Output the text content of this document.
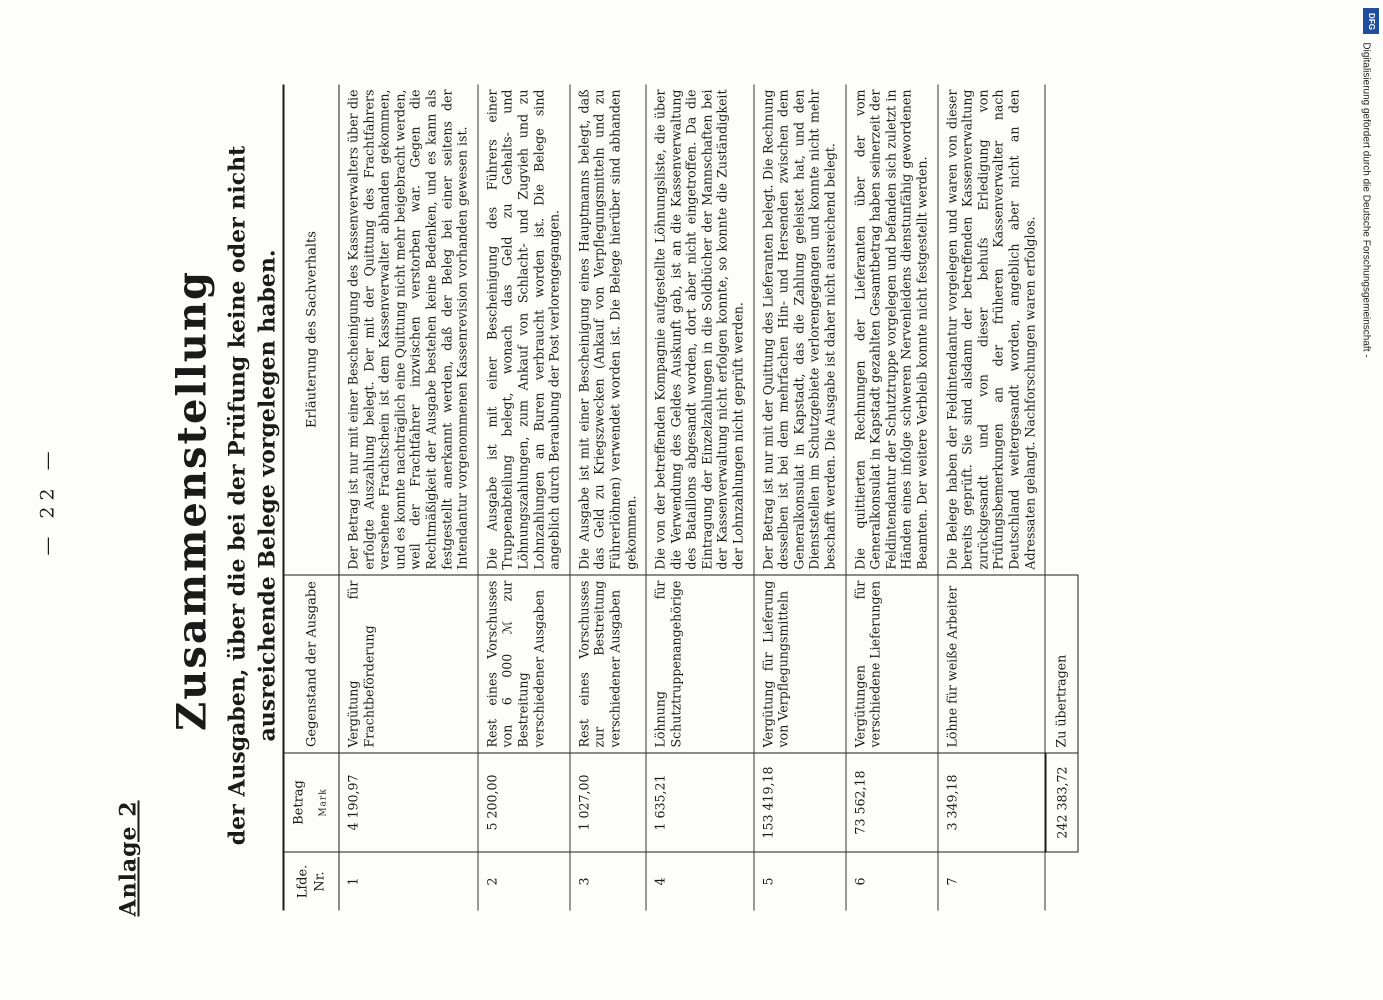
— 22 —
Anlage 2
Zusammenstellung der Ausgaben, über die bei der Prüfung keine oder nicht ausreichende Belege vorgelegen haben.
Lfde. Nr.	Betrag Mark	Gegenstand der Ausgabe	Erläuterung des Sachverhalts
1	4 190,97	Vergütung für Frachtbeförderung	Der Betrag ist nur mit einer Bescheinigung des Kassenverwalters über die erfolgte Auszahlung belegt. Der mit der Quittung des Frachtfahrers versehene Frachtschein ist dem Kassenverwalter abhanden gekommen, und es konnte nachträglich eine Quittung nicht mehr beigebracht werden, weil der Frachtfahrer inzwischen verstorben war. Gegen die Rechtmäßigkeit der Ausgabe bestehen keine Bedenken, und es kann als festgestellt anerkannt werden, daß der Beleg bei einer seitens der Intendantur vorgenommenen Kassenrevision vorhanden gewesen ist.
2	5 200,00	Rest eines Vorschusses von 6 000 ℳ zur Bestreitung verschiedener Ausgaben	Die Ausgabe ist mit einer Bescheinigung des Führers einer Truppenabteilung belegt, wonach das Geld zu Gehalts- und Löhnungszahlungen, zum Ankauf von Schlacht- und Zugvieh und zu Lohnzahlungen an Buren verbraucht worden ist. Die Belege sind angeblich durch Beraubung der Post verlorengegangen.
3	1 027,00	Rest eines Vorschusses zur Bestreitung verschiedener Ausgaben	Die Ausgabe ist mit einer Bescheinigung eines Hauptmanns belegt, daß das Geld zu Kriegszwecken (Ankauf von Verpflegungsmitteln und zu Führerlöhnen) verwendet worden ist. Die Belege hierüber sind abhanden gekommen.
4	1 635,21	Löhnung für Schutztruppenangehörige	Die von der betreffenden Kompagnie aufgestellte Löhnungsliste, die über die Verwendung des Geldes Auskunft gab, ist an die Kassenverwaltung des Bataillons abgesandt worden, dort aber nicht eingetroffen. Da die Eintragung der Einzelzahlungen in die Soldbücher der Mannschaften bei der Kassenverwaltung nicht erfolgen konnte, so konnte die Zuständigkeit der Lohnzahlungen nicht geprüft werden.
5	153 419,18	Vergütung für Lieferung von Verpflegungsmitteln	Der Betrag ist nur mit der Quittung des Lieferanten belegt. Die Rechnung desselben ist bei dem mehrfachen Hin- und Hersenden zwischen dem Generalkonsulat in Kapstadt, das die Zahlung geleistet hat, und den Dienststellen im Schutzgebiete verlorengegangen und konnte nicht mehr beschafft werden. Die Ausgabe ist daher nicht ausreichend belegt.
6	73 562,18	Vergütungen für verschiedene Lieferungen	Die quittierten Rechnungen der Lieferanten über der vom Generalkonsulat in Kapstadt gezahlten Gesamtbetrag haben seinerzeit der Feldintendantur der Schutztruppe vorgelegen und befanden sich zuletzt in Händen eines infolge schweren Nervenleidens dienstunfähig gewordenen Beamten. Der weitere Verbleib konnte nicht festgestellt werden.
7	3 349,18	Löhne für weiße Arbeiter	Die Belege haben der Feldintendantur vorgelegen und waren von dieser bereits geprüft. Sie sind alsdann der betreffenden Kassenverwaltung zurückgesandt und von dieser behufs Erledigung von Prüfungsbemerkungen an der früheren Kassenverwalter nach Deutschland weitergesandt worden, angeblich aber nicht an den Adressaten gelangt. Nachforschungen waren erfolglos.
	242 383,72	Zu übertragen	
Digitalisierung gefördert durch die Deutsche Forschungsgemeinschaft -
DFG
